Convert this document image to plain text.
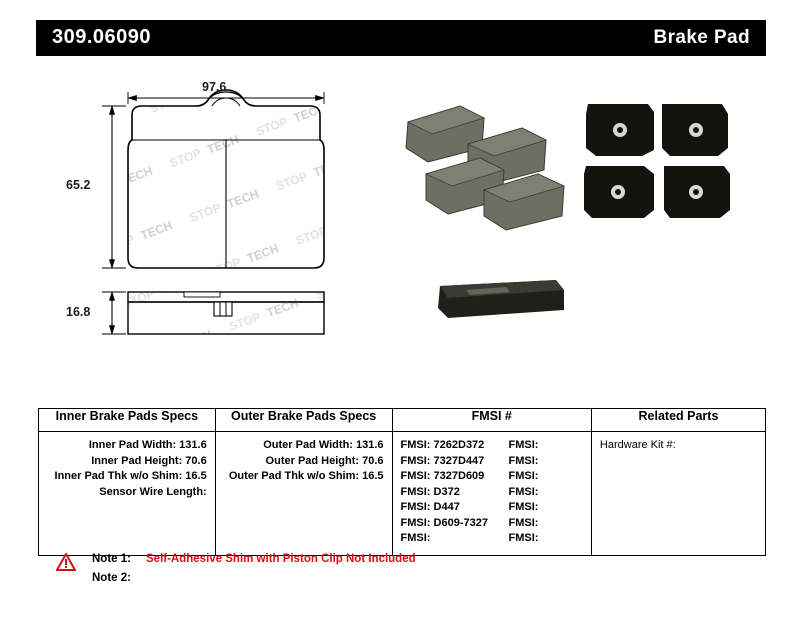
309.06090	Brake Pad
97.6
65.2
16.8
Inner Brake Pads Specs	Outer Brake Pads Specs	FMSI #	Related Parts

Inner Pad Width: 131.6
Inner Pad Height: 70.6
Inner Pad Thk w/o Shim: 16.5
Sensor Wire Length:

Outer Pad Width: 131.6
Outer Pad Height: 70.6
Outer Pad Thk w/o Shim: 16.5

FMSI: 7262D372	FMSI:
FMSI: 7327D447	FMSI:
FMSI: 7327D609	FMSI:
FMSI: D372	FMSI:
FMSI: D447	FMSI:
FMSI: D609-7327	FMSI:
FMSI:	FMSI:

Hardware Kit #:
Note 1: Self-Adhesive Shim with Piston Clip Not Included
Note 2:
